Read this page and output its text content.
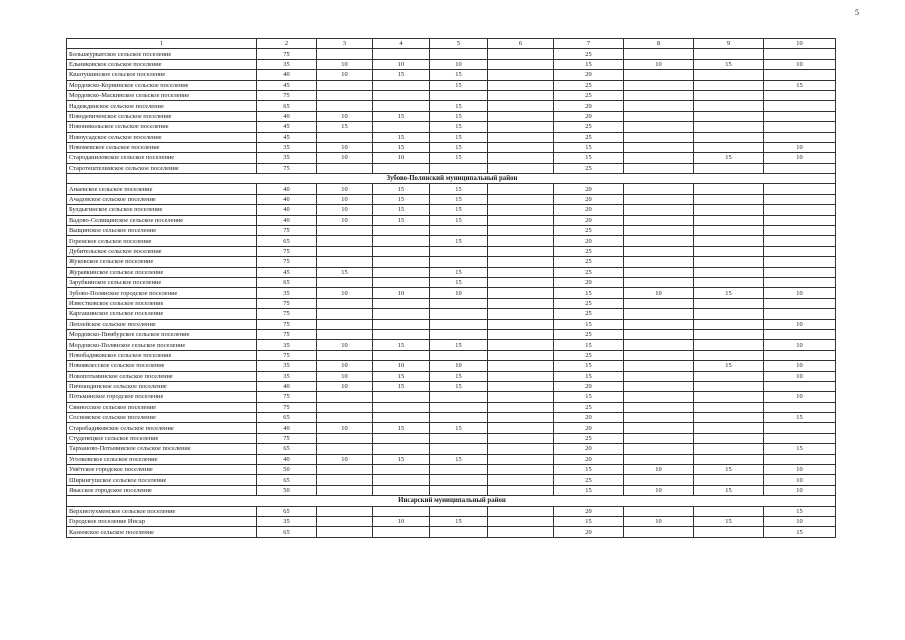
5
1	2	3	4	5	6	7	8	9	10
Большеуркатское сельское поселение	75					25			
Ельниковское сельское поселение	35	10	10	10		15	10	15	10
Кшатушинское сельское поселение	40	10	15	15		20			
Мордовско-Корнинское сельское поселение	45			15		25			15
Мордовско-Маскинское сельское поселение	75					25			
Надеждинское сельское поселение	65			15		20			
Новодевиченское сельское поселение	40	10	15	15		20			
Новоникольское сельское поселение	45	15		15		25			
Новоусадское сельское поселение	45		15	15		25			
Новомевское сельское поселение	35	10	15	15		15			10
Староданиловское сельское поселение	35	10	10	15		15		15	10
Старотештелимское сельское поселение	75					25			
Зубово-Полянский муниципальный район									
Анаевское сельское поселение	40	10	15	15		20			
Ачадовское сельское поселение	40	10	15	15		20			
Булдыгинское сельское поселение	40	10	15	15		20			
Вадово-Селищинское сельское поселение	40	10	15	15		20			
Выщинское сельское поселение	75					25			
Горенское сельское поселение	65			15		20			
Дубительское сельское поселение	75					25			
Жуковское сельское поселение	75					25			
Журавкинское сельское поселение	45	15		15		25			
Зарубкинское сельское поселение	65			15		20			
Зубово-Полянское городское поселение	35	10	10	10		15	10	15	10
Известковское сельское поселение	75					25			
Каргашинское сельское поселение	75					25			
Леплейское сельское поселение	75					15			10
Мордовско-Пимбурское сельское поселение	75					25			
Мордовско-Полянское сельское поселение	35	10	15	15		15			10
Новобадиковское сельское поселение	75					25			
Новоявлесское сельское поселение	35	10	10	10		15		15	10
Новопотьминское сельское поселение	35	10	15	15		15			10
Пичпандинское сельское поселение	40	10	15	15		20			
Потьминское городское поселение	75					15			10
Свиносское сельское поселение	75					25			
Сосновское сельское поселение	65					20			15
Старобадиковское сельское поселение	40	10	15	15		20			
Студенецкое сельское поселение	75					25			
Тарханово-Потьминское сельское поселение	65					20			15
Уголковское сельское поселение	40	10	15	15		20			
Умётское городское поселение	50					15	10	15	10
Ширингушское сельское поселение	65					25			10
Явасское городское поселение	50					15	10	15	10
Инсарский муниципальный район									
Верхнелухменское сельское поселение	65					20			15
Городское поселение Инсар	35		10	15		15	10	15	10
Казеевское сельское поселение	65					20			15
